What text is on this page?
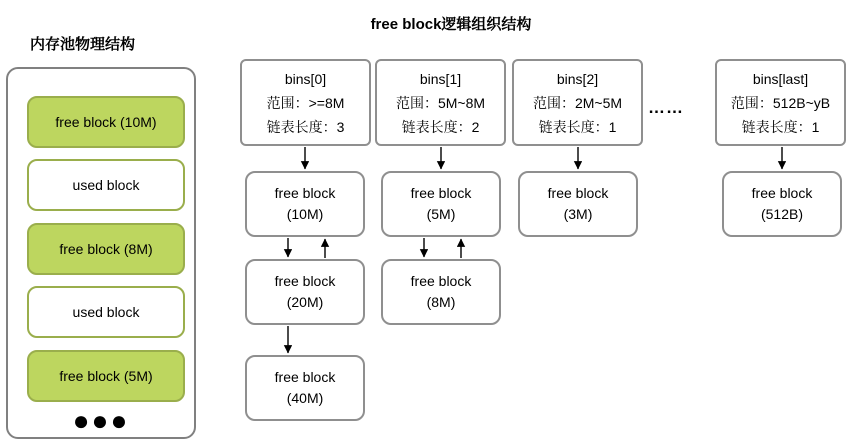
内存池物理结构
free block逻辑组织结构
free block (10M)
used block
free block (8M)
used block
free block (5M)
●●●
bins[0]
范围：>=8M
链表长度：3
bins[1]
范围：5M~8M
链表长度：2
bins[2]
范围：2M~5M
链表长度：1
……
bins[last]
范围：512B~yB
链表长度：1
free block
(10M)
free block
(20M)
free block
(40M)
free block
(5M)
free block
(8M)
free block
(3M)
free block
(512B)
